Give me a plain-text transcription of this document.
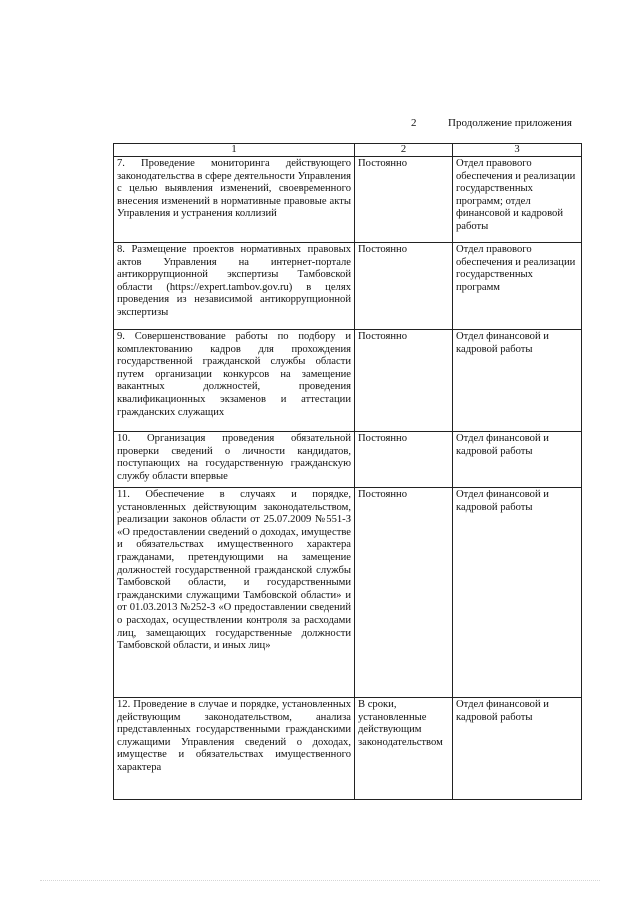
2	Продолжение приложения
1	2	3
7. Проведение мониторинга действующего законодательства в сфере деятельности Управления с целью выявления изменений, своевременного внесения изменений в нормативные правовые акты Управления и устранения коллизий	Постоянно	Отдел правового обеспечения и реализации государственных программ; отдел финансовой и кадровой работы
8. Размещение проектов нормативных правовых актов Управления на интернет-портале антикоррупционной экспертизы Тамбовской области (https://expert.tambov.gov.ru) в целях проведения из независимой антикоррупционной экспертизы	Постоянно	Отдел правового обеспечения и реализации государственных программ
9. Совершенствование работы по подбору и комплектованию кадров для прохождения государственной гражданской службы области путем организации конкурсов на замещение вакантных должностей, проведения квалификационных экзаменов и аттестации гражданских служащих	Постоянно	Отдел финансовой и кадровой работы
10. Организация проведения обязательной проверки сведений о личности кандидатов, поступающих на государственную гражданскую службу области впервые	Постоянно	Отдел финансовой и кадровой работы
11. Обеспечение в случаях и порядке, установленных действующим законодательством, реализации законов области от 25.07.2009 №551-З «О предоставлении сведений о доходах, имуществе и обязательствах имущественного характера гражданами, претендующими на замещение должностей государственной гражданской службы Тамбовской области, и государственными гражданскими служащими Тамбовской области» и от 01.03.2013 №252-З «О предоставлении сведений о расходах, осуществлении контроля за расходами лиц, замещающих государственные должности Тамбовской области, и иных лиц»	Постоянно	Отдел финансовой и кадровой работы
12. Проведение в случае и порядке, установленных действующим законодательством, анализа представленных государственными гражданскими служащими Управления сведений о доходах, имуществе и обязательствах имущественного характера	В сроки, установленные действующим законодательством	Отдел финансовой и кадровой работы
